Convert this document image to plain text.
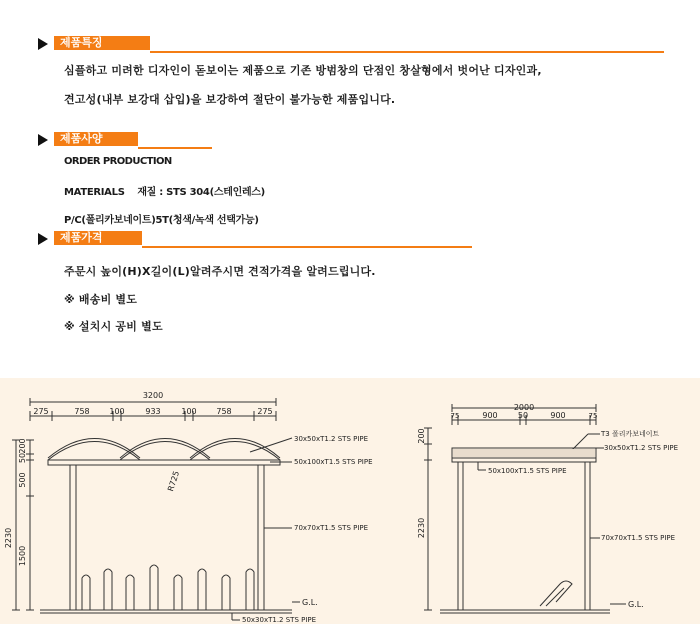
제품특징
심플하고 미려한 디자인이 돋보이는 제품으로 기존 방범창의 단점인 창살형에서 벗어난 디자인과,
견고성(내부 보강대 삽입)을 보강하여 절단이 불가능한 제품입니다.
제품사양
ORDER PRODUCTION
MATERIALS    재질 : STS 304(스테인레스)
P/C(폴리카보네이트)5T(청색/녹색 선택가능)
제품가격
주문시 높이(H)X길이(L)알려주시면 견적가격을 알려드립니다.
※ 배송비 별도
※ 설치시 공비 별도
3200
275	758 100	933	100 758	275
2230
200
50
500
1500
R725
30x50xT1.2 STS PIPE
50x100xT1.5 STS PIPE
70x70xT1.5 STS PIPE
G.L.
50x30xT1.2 STS PIPE
2000
75	900	50	900	75
2230
200	T3 폴리카보네이트
30x50xT1.2 STS PIPE
50x100xT1.5 STS PIPE
70x70xT1.5 STS PIPE
G.L.
